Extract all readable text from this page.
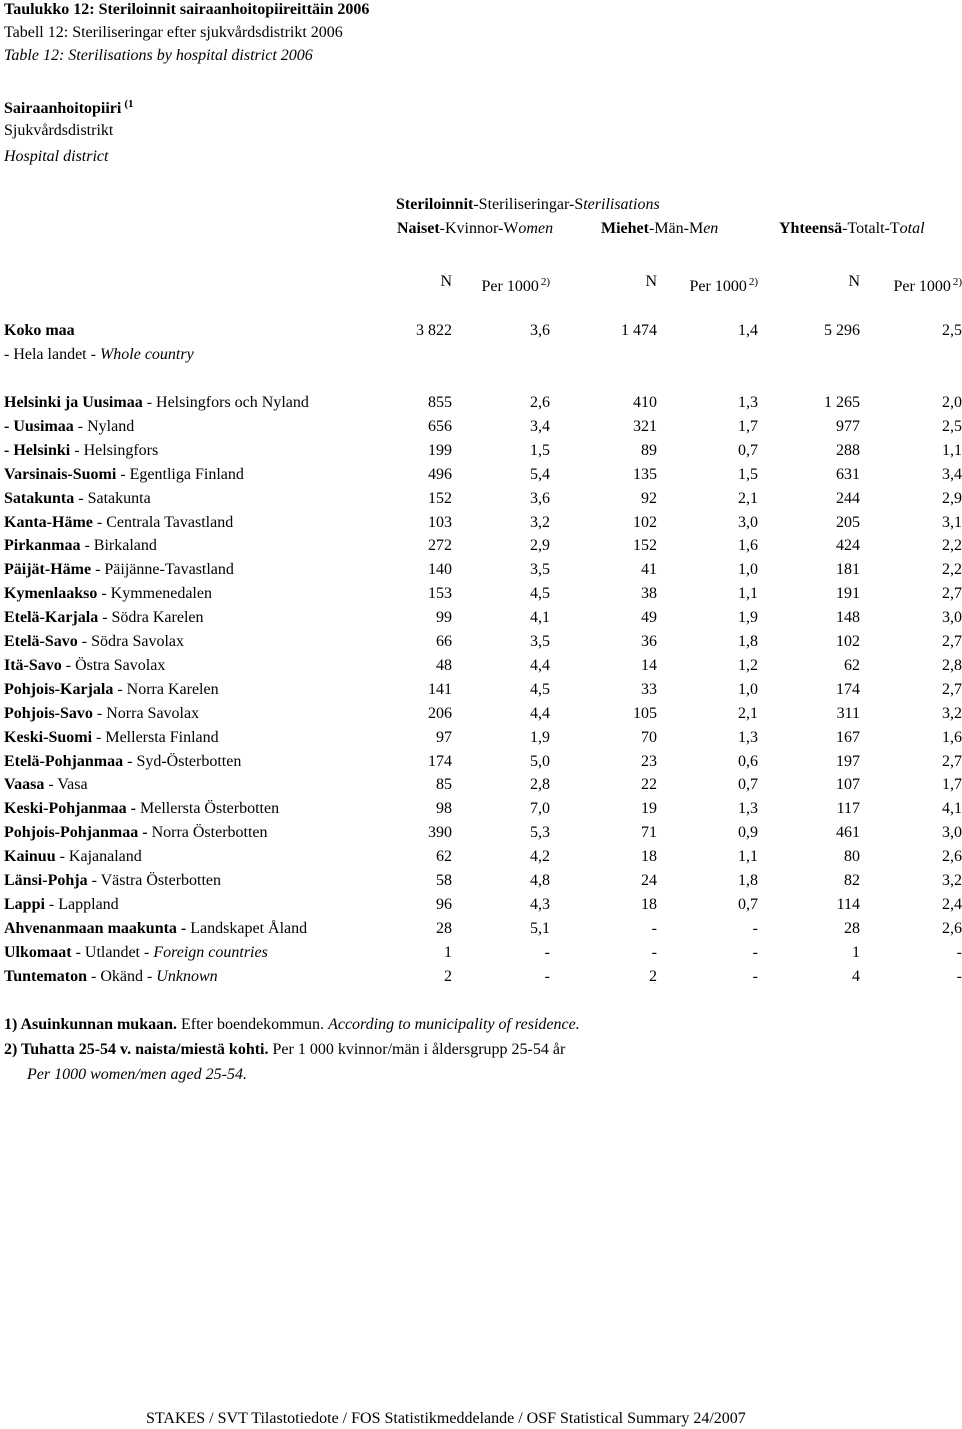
Taulukko 12: Steriloinnit sairaanhoitopiireittäin 2006
Tabell 12: Steriliseringar efter sjukvårdsdistrikt 2006
Table 12: Sterilisations by hospital district 2006
Sairaanhoitopiiri $^{(1}$
Sjukvårdsdistrikt
Hospital district
Steriloinnit-Steriliseringar-Sterilisations
Naiset-Kvinnor-Women	Miehet-Män-Men	Yhteensä-Totalt-Total
N Per 1000 $^{2)}$	N Per 1000 $^{2)}$	N Per 1000 $^{2)}$
Koko maa	3 822	3,6	1 474	1,4	5 296	2,5
- Hela landet - Whole country
Helsinki ja Uusimaa - Helsingfors och Nyland	855	2,6	410	1,3	1 265	2,0
- Uusimaa - Nyland	656	3,4	321	1,7	977	2,5
- Helsinki - Helsingfors	199	1,5	89	0,7	288	1,1
Varsinais-Suomi - Egentliga Finland	496	5,4	135	1,5	631	3,4
Satakunta - Satakunta	152	3,6	92	2,1	244	2,9
Kanta-Häme - Centrala Tavastland	103	3,2	102	3,0	205	3,1
Pirkanmaa - Birkaland	272	2,9	152	1,6	424	2,2
Päijät-Häme - Päijänne-Tavastland	140	3,5	41	1,0	181	2,2
Kymenlaakso - Kymmenedalen	153	4,5	38	1,1	191	2,7
Etelä-Karjala - Södra Karelen	99	4,1	49	1,9	148	3,0
Etelä-Savo - Södra Savolax	66	3,5	36	1,8	102	2,7
Itä-Savo - Östra Savolax	48	4,4	14	1,2	62	2,8
Pohjois-Karjala - Norra Karelen	141	4,5	33	1,0	174	2,7
Pohjois-Savo - Norra Savolax	206	4,4	105	2,1	311	3,2
Keski-Suomi - Mellersta Finland	97	1,9	70	1,3	167	1,6
Etelä-Pohjanmaa - Syd-Österbotten	174	5,0	23	0,6	197	2,7
Vaasa - Vasa	85	2,8	22	0,7	107	1,7
Keski-Pohjanmaa - Mellersta Österbotten	98	7,0	19	1,3	117	4,1
Pohjois-Pohjanmaa - Norra Österbotten	390	5,3	71	0,9	461	3,0
Kainuu - Kajanaland	62	4,2	18	1,1	80	2,6
Länsi-Pohja - Västra Österbotten	58	4,8	24	1,8	82	3,2
Lappi - Lappland	96	4,3	18	0,7	114	2,4
Ahvenanmaan maakunta - Landskapet Åland	28	5,1	-	-	28	2,6
Ulkomaat - Utlandet - Foreign countries	1	-	-	-	1	-
Tuntematon - Okänd - Unknown	2	-	2	-	4	-
1) Asuinkunnan mukaan. Efter boendekommun. According to municipality of residence.
2) Tuhatta 25-54 v. naista/miestä kohti. Per 1 000 kvinnor/män i åldersgrupp 25-54 år
Per 1000 women/men aged 25-54.
STAKES / SVT Tilastotiedote / FOS Statistikmeddelande / OSF Statistical Summary 24/2007
